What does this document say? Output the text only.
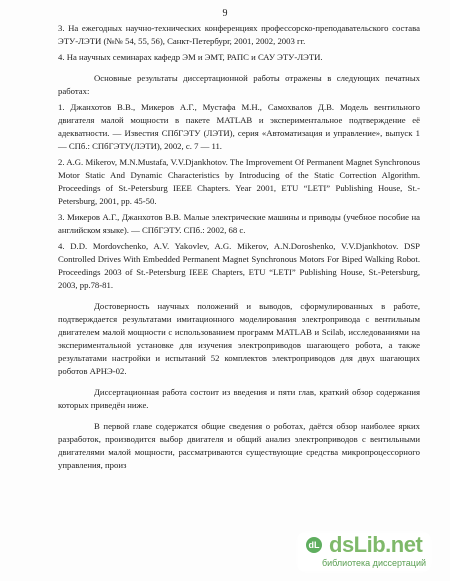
9

3. На ежегодных научно-технических конференциях профессорско-преподавательского состава ЭТУ-ЛЭТИ (№№ 54, 55, 56), Санкт-Петербург, 2001, 2002, 2003 гг.

4. На научных семинарах кафедр ЭМ и ЭМТ, РАПС и САУ ЭТУ-ЛЭТИ.

Основные результаты диссертационной работы отражены в следующих печатных работах:

1. Джанхотов В.В., Микеров А.Г., Мустафа М.Н., Самохвалов Д.В. Модель вентильного двигателя малой мощности в пакете MATLAB и экспериментальное подтверждение её адекватности. — Известия СПбГЭТУ (ЛЭТИ), серия «Автоматизация и управление», выпуск 1 — СПб.: СПбГЭТУ(ЛЭТИ), 2002, с. 7 — 11.

2. A.G. Mikerov, M.N.Mustafa, V.V.Djankhotov. The Improvement Of Permanent Magnet Synchronous Motor Static And Dynamic Characteristics by Introducing of the Static Correction Algorithm. Proceedings of St.-Petersburg IEEE Chapters. Year 2001, ETU “LETI” Publishing House, St.-Petersburg, 2001, pp. 45-50.

3. Микеров А.Г., Джанхотов В.В. Малые электрические машины и приводы (учебное пособие на английском языке). — СПбГЭТУ. СПб.: 2002, 68 с.

4. D.D. Mordovchenko, A.V. Yakovlev, A.G. Mikerov, A.N.Doroshenko, V.V.Djankhotov. DSP Controlled Drives With Embedded Permanent Magnet Synchronous Motors For Biped Walking Robot. Proceedings 2003 of St.-Petersburg IEEE Chapters, ETU “LETI” Publishing House, St.-Petersburg, 2003, pp.78-81.

Достоверность научных положений и выводов, сформулированных в работе, подтверждается результатами имитационного моделирования электропривода с вентильным двигателем малой мощности с использованием программ MATLAB и Scilab, исследованиями на экспериментальной установке для изучения электроприводов шагающего робота, а также результатами настройки и испытаний 52 комплектов электроприводов для двух шагающих роботов АРНЭ-02.

Диссертационная работа состоит из введения и пяти глав, краткий обзор содержания которых приведён ниже.

В первой главе содержатся общие сведения о роботах, даётся обзор наиболее ярких разработок, производится выбор двигателя и общий анализ электроприводов с вентильными двигателями малой мощности, рассматриваются существующие средства микропроцессорного управления, произ

dL dsLib.net
библиотека диссертаций
